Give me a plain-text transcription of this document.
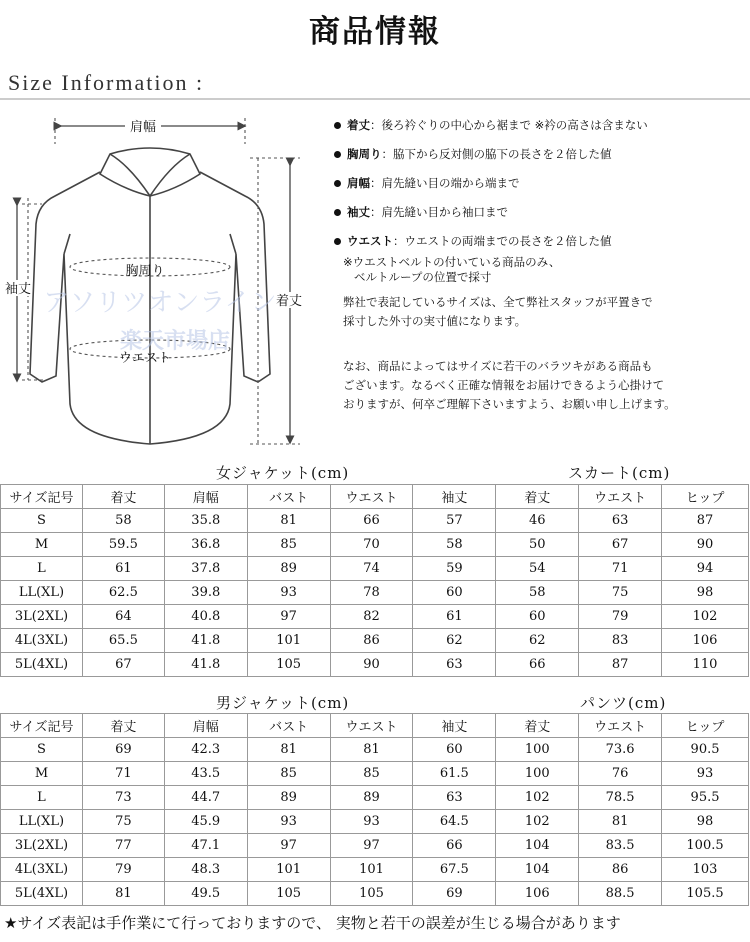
商品情報
Size Information :
肩幅
胸周り
ウエスト
袖丈
着丈
アソリツオンライン
楽天市場店
着丈 ：後ろ衿ぐりの中心から裾まで ※衿の高さは含まない
胸周り ：脇下から反対側の脇下の長さを２倍した値
肩幅 ：肩先縫い目の端から端まで
袖丈 ：肩先縫い目から袖口まで
ウエスト ：ウエストの両端までの長さを２倍した値
※ウエストベルトの付いている商品のみ、
ベルトループの位置で採寸
弊社で表記しているサイズは、全て弊社スタッフが平置きで
採寸した外寸の実寸値になります。
なお、商品によってはサイズに若干のバラツキがある商品も
ございます。なるべく正確な情報をお届けできるよう心掛けて
おりますが、何卒ご理解下さいますよう、お願い申し上げます。
女ジャケット(cm)	スカート(cm)
サイズ記号	着丈	肩幅	バスト	ウエスト	袖丈	着丈	ウエスト	ヒップ
S	58	35.8	81	66	57	46	63	87
M	59.5	36.8	85	70	58	50	67	90
L	61	37.8	89	74	59	54	71	94
LL(XL)	62.5	39.8	93	78	60	58	75	98
3L(2XL)	64	40.8	97	82	61	60	79	102
4L(3XL)	65.5	41.8	101	86	62	62	83	106
5L(4XL)	67	41.8	105	90	63	66	87	110
男ジャケット(cm)	パンツ(cm)
サイズ記号	着丈	肩幅	バスト	ウエスト	袖丈	着丈	ウエスト	ヒップ
S	69	42.3	81	81	60	100	73.6	90.5
M	71	43.5	85	85	61.5	100	76	93
L	73	44.7	89	89	63	102	78.5	95.5
LL(XL)	75	45.9	93	93	64.5	102	81	98
3L(2XL)	77	47.1	97	97	66	104	83.5	100.5
4L(3XL)	79	48.3	101	101	67.5	104	86	103
5L(4XL)	81	49.5	105	105	69	106	88.5	105.5
★サイズ表記は手作業にて行っておりますので、 実物と若干の誤差が生じる場合があります
